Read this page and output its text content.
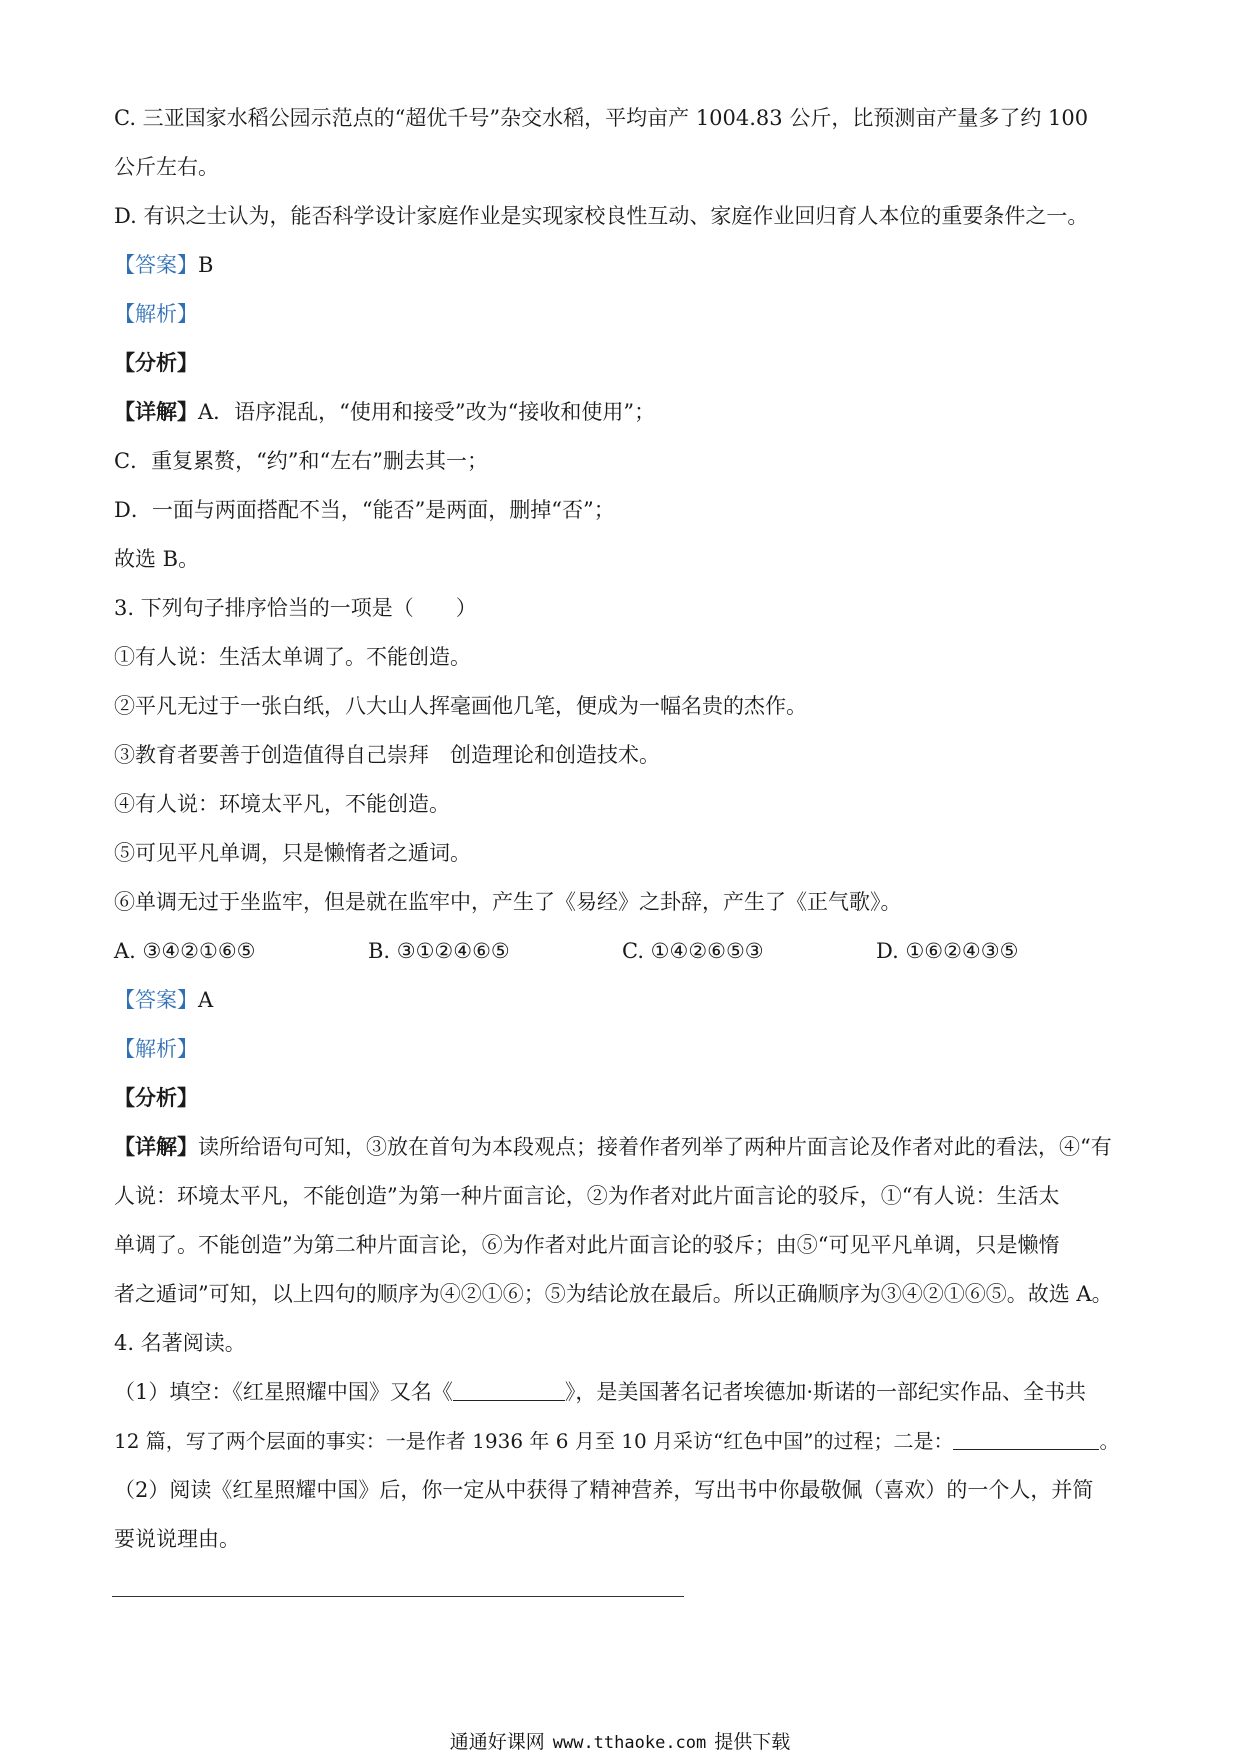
C. 三亚国家水稻公园示范点的“超优千号”杂交水稻，平均亩产 1004.83 公斤，比预测亩产量多了约 100
公斤左右。
D. 有识之士认为，能否科学设计家庭作业是实现家校良性互动、家庭作业回归育人本位的重要条件之一。
【答案】B
【解析】
【分析】
【详解】A．语序混乱，“使用和接受”改为“接收和使用”；
C．重复累赘，“约”和“左右”删去其一；
D．一面与两面搭配不当，“能否”是两面，删掉“否”；
故选 B。
3. 下列句子排序恰当的一项是（　　）
①有人说：生活太单调了。不能创造。
②平凡无过于一张白纸，八大山人挥毫画他几笔，便成为一幅名贵的杰作。
③教育者要善于创造值得自己崇拜　创造理论和创造技术。
④有人说：环境太平凡，不能创造。
⑤可见平凡单调，只是懒惰者之遁词。
⑥单调无过于坐监牢，但是就在监牢中，产生了《易经》之卦辞，产生了《正气歌》。
A. ③④②①⑥⑤	B. ③①②④⑥⑤	C. ①④②⑥⑤③	D. ①⑥②④③⑤
【答案】A
【解析】
【分析】
【详解】读所给语句可知，③放在首句为本段观点；接着作者列举了两种片面言论及作者对此的看法，④“有
人说：环境太平凡，不能创造”为第一种片面言论，②为作者对此片面言论的驳斥，①“有人说：生活太
单调了。不能创造”为第二种片面言论，⑥为作者对此片面言论的驳斥；由⑤“可见平凡单调，只是懒惰
者之遁词”可知，以上四句的顺序为④②①⑥；⑤为结论放在最后。所以正确顺序为③④②①⑥⑤。故选 A。
4. 名著阅读。
（1）填空：《红星照耀中国》又名《	》，是美国著名记者埃德加·斯诺的一部纪实作品、全书共
12 篇，写了两个层面的事实：一是作者 1936 年 6 月至 10 月采访“红色中国”的过程；二是：	。
（2）阅读《红星照耀中国》后，你一定从中获得了精神营养，写出书中你最敬佩（喜欢）的一个人，并简
要说说理由。
通通好课网 www.tthaoke.com 提供下载
